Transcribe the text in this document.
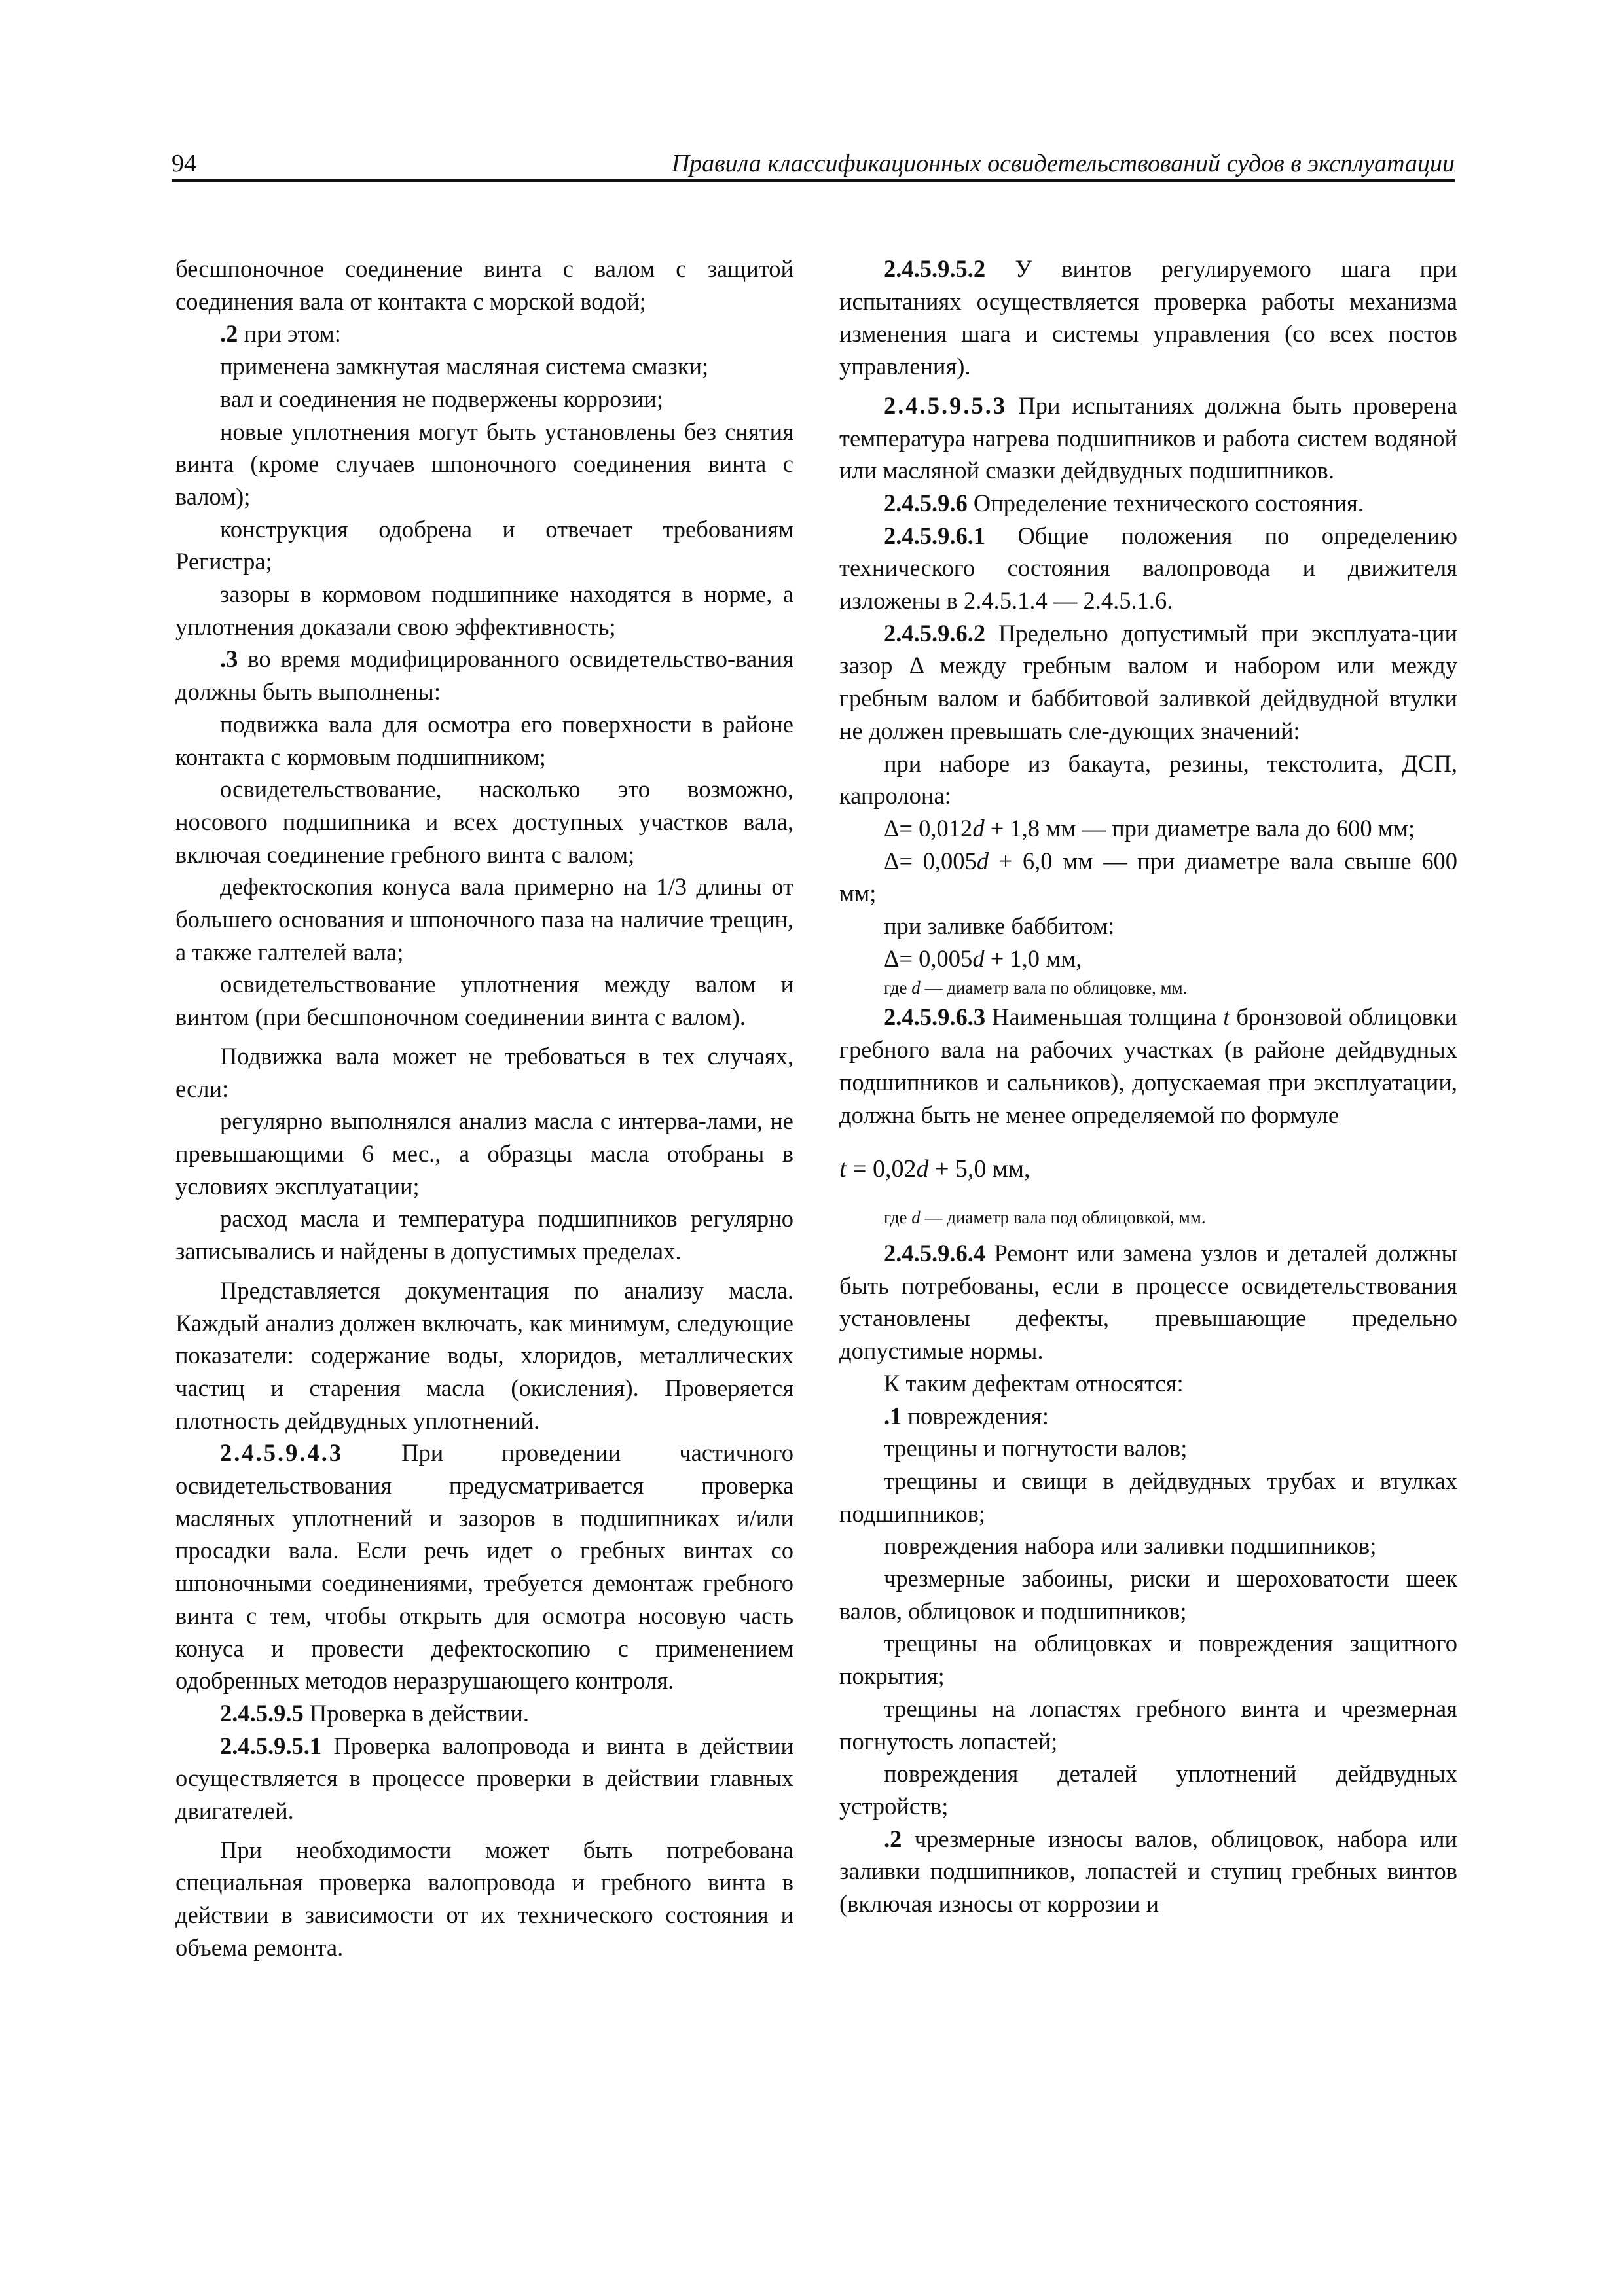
94	Правила классификационных освидетельствований судов в эксплуатации

бесшпоночное соединение винта с валом с защитой соединения вала от контакта с морской водой;

.2 при этом:

применена замкнутая масляная система смазки;

вал и соединения не подвержены коррозии;

новые уплотнения могут быть установлены без снятия винта (кроме случаев шпоночного соединения винта с валом);

конструкция одобрена и отвечает требованиям Регистра;

зазоры в кормовом подшипнике находятся в норме, а уплотнения доказали свою эффективность;

.3 во время модифицированного освидетельство-вания должны быть выполнены:

подвижка вала для осмотра его поверхности в районе контакта с кормовым подшипником;

освидетельствование, насколько это возможно, носового подшипника и всех доступных участков вала, включая соединение гребного винта с валом;

дефектоскопия конуса вала примерно на 1/3 длины от большего основания и шпоночного паза на наличие трещин, а также галтелей вала;

освидетельствование уплотнения между валом и винтом (при бесшпоночном соединении винта с валом).

Подвижка вала может не требоваться в тех случаях, если:

регулярно выполнялся анализ масла с интерва-лами, не превышающими 6 мес., а образцы масла отобраны в условиях эксплуатации;

расход масла и температура подшипников регулярно записывались и найдены в допустимых пределах.

Представляется документация по анализу масла. Каждый анализ должен включать, как минимум, следующие показатели: содержание воды, хлоридов, металлических частиц и старения масла (окисления). Проверяется плотность дейдвудных уплотнений.

2.4.5.9.4.3 При проведении частичного освидетельствования предусматривается проверка масляных уплотнений и зазоров в подшипниках и/или просадки вала. Если речь идет о гребных винтах со шпоночными соединениями, требуется демонтаж гребного винта с тем, чтобы открыть для осмотра носовую часть конуса и провести дефектоскопию с применением одобренных методов неразрушающего контроля.

2.4.5.9.5 Проверка в действии.

2.4.5.9.5.1 Проверка валопровода и винта в действии осуществляется в процессе проверки в действии главных двигателей.

При необходимости может быть потребована специальная проверка валопровода и гребного винта в действии в зависимости от их технического состояния и объема ремонта.

2.4.5.9.5.2 У винтов регулируемого шага при испытаниях осуществляется проверка работы механизма изменения шага и системы управления (со всех постов управления).

2.4.5.9.5.3 При испытаниях должна быть проверена температура нагрева подшипников и работа систем водяной или масляной смазки дейдвудных подшипников.

2.4.5.9.6 Определение технического состояния.

2.4.5.9.6.1 Общие положения по определению технического состояния валопровода и движителя изложены в 2.4.5.1.4 — 2.4.5.1.6.

2.4.5.9.6.2 Предельно допустимый при эксплуата-ции зазор Δ между гребным валом и набором или между гребным валом и баббитовой заливкой дейдвудной втулки не должен превышать сле-дующих значений:

при наборе из бакаута, резины, текстолита, ДСП, капролона:

Δ= 0,012d + 1,8 мм — при диаметре вала до 600 мм;

Δ= 0,005d + 6,0 мм — при диаметре вала свыше 600 мм;

при заливке баббитом:

Δ= 0,005d + 1,0 мм,

где d — диаметр вала по облицовке, мм.

2.4.5.9.6.3 Наименьшая толщина t бронзовой облицовки гребного вала на рабочих участках (в районе дейдвудных подшипников и сальников), допускаемая при эксплуатации, должна быть не менее определяемой по формуле

t = 0,02d + 5,0 мм,

где d — диаметр вала под облицовкой, мм.

2.4.5.9.6.4 Ремонт или замена узлов и деталей должны быть потребованы, если в процессе освидетельствования установлены дефекты, превышающие предельно допустимые нормы.

К таким дефектам относятся:

.1 повреждения:

трещины и погнутости валов;

трещины и свищи в дейдвудных трубах и втулках подшипников;

повреждения набора или заливки подшипников;

чрезмерные забоины, риски и шероховатости шеек валов, облицовок и подшипников;

трещины на облицовках и повреждения защитного покрытия;

трещины на лопастях гребного винта и чрезмерная погнутость лопастей;

повреждения деталей уплотнений дейдвудных устройств;

.2 чрезмерные износы валов, облицовок, набора или заливки подшипников, лопастей и ступиц гребных винтов (включая износы от коррозии и
